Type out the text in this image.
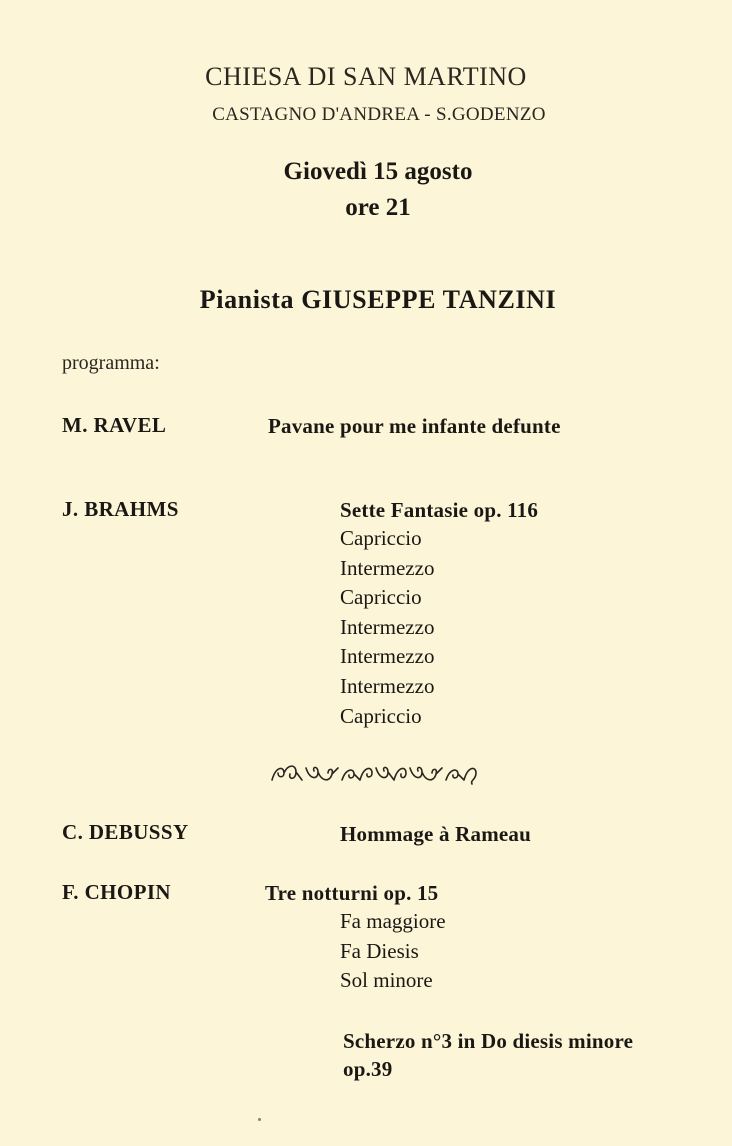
CHIESA DI SAN MARTINO
CASTAGNO D'ANDREA - S.GODENZO
Giovedì 15 agosto
ore 21
Pianista GIUSEPPE TANZINI
programma:
M. RAVEL	Pavane pour me infante defunte
J. BRAHMS	Sette Fantasie op. 116
Capriccio
Intermezzo
Capriccio
Intermezzo
Intermezzo
Intermezzo
Capriccio
C. DEBUSSY	Hommage à Rameau
F. CHOPIN	Tre notturni op. 15
Fa maggiore
Fa Diesis
Sol minore
Scherzo n°3 in Do diesis minore
op.39
